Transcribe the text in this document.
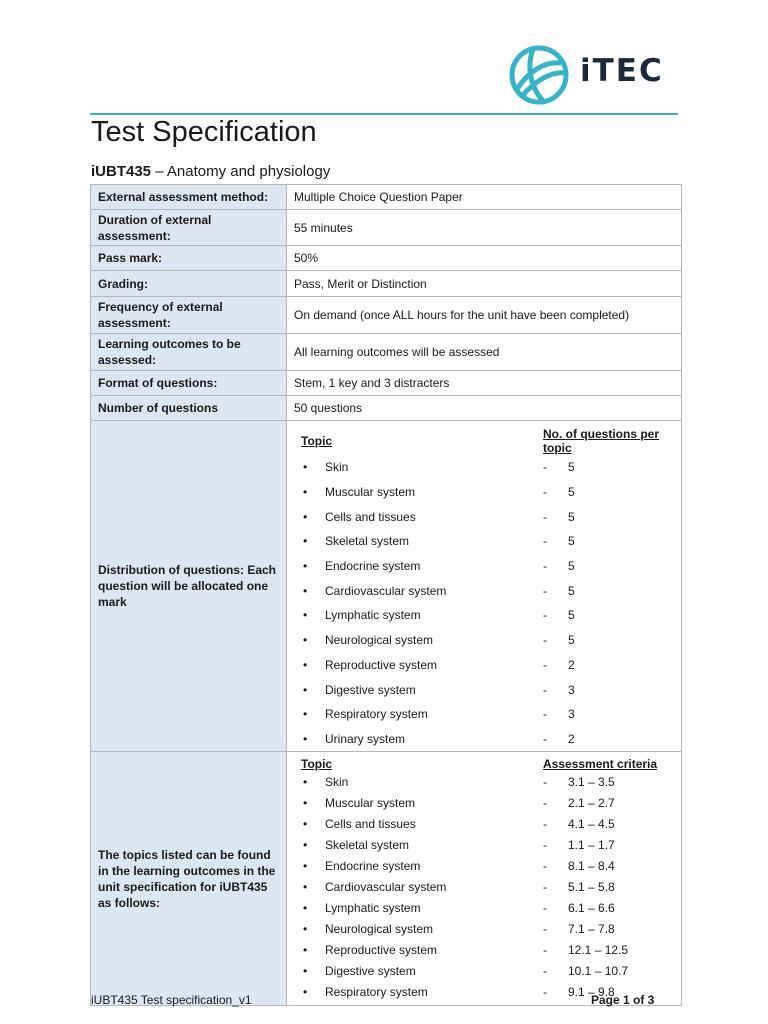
iTEC
Test Specification
iUBT435 – Anatomy and physiology
External assessment method:	Multiple Choice Question Paper
Duration of external assessment:	55 minutes
Pass mark:	50%
Grading:	Pass, Merit or Distinction
Frequency of external assessment:	On demand (once ALL hours for the unit have been completed)
Learning outcomes to be assessed:	All learning outcomes will be assessed
Format of questions:	Stem, 1 key and 3 distracters
Number of questions	50 questions
Distribution of questions: Each question will be allocated one mark	
Topic	No. of questions per topic
• Skin	- 5
• Muscular system	- 5
• Cells and tissues	- 5
• Skeletal system	- 5
• Endocrine system	- 5
• Cardiovascular system	- 5
• Lymphatic system	- 5
• Neurological system	- 5
• Reproductive system	- 2
• Digestive system	- 3
• Respiratory system	- 3
• Urinary system	- 2

The topics listed can be found in the learning outcomes in the unit specification for iUBT435 as follows:	
Topic	Assessment criteria
• Skin	- 3.1 – 3.5
• Muscular system	- 2.1 – 2.7
• Cells and tissues	- 4.1 – 4.5
• Skeletal system	- 1.1 – 1.7
• Endocrine system	- 8.1 – 8.4
• Cardiovascular system	- 5.1 – 5.8
• Lymphatic system	- 6.1 – 6.6
• Neurological system	- 7.1 – 7.8
• Reproductive system	- 12.1 – 12.5
• Digestive system	- 10.1 – 10.7
• Respiratory system	- 9.1 – 9.8
iUBT435 Test specification_v1	Page 1 of 3
